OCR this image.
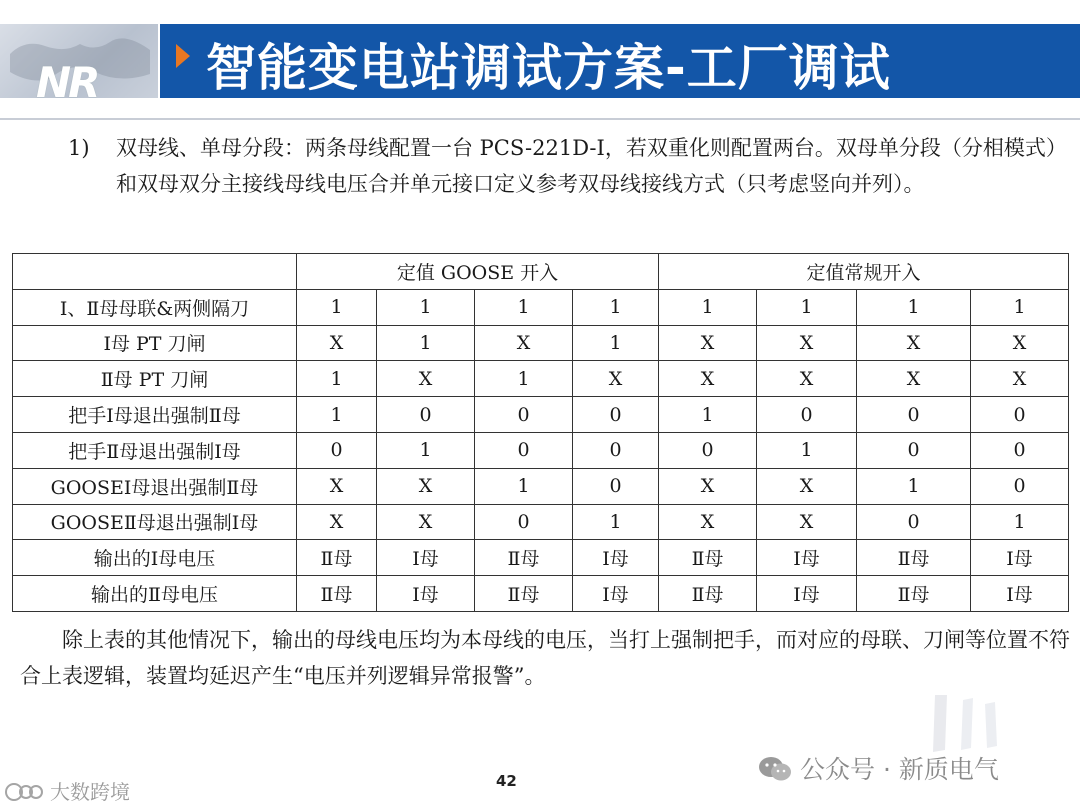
NR 智能变电站调试方案-工厂调试
1) 双母线、单母分段：两条母线配置一台 PCS-221D-I，若双重化则配置两台。双母单分段（分相模式）和双母双分主接线母线电压合并单元接口定义参考双母线接线方式（只考虑竖向并列）。
	定值 GOOSE 开入				定值常规开入			
Ⅰ、Ⅱ母母联&两侧隔刀	1	1	1	1	1	1	1	1
Ⅰ母 PT 刀闸	X	1	X	1	X	X	X	X
Ⅱ母 PT 刀闸	1	X	1	X	X	X	X	X
把手Ⅰ母退出强制Ⅱ母	1	0	0	0	1	0	0	0
把手Ⅱ母退出强制Ⅰ母	0	1	0	0	0	1	0	0
GOOSEⅠ母退出强制Ⅱ母	X	X	1	0	X	X	1	0
GOOSEⅡ母退出强制Ⅰ母	X	X	0	1	X	X	0	1
输出的Ⅰ母电压	Ⅱ母	Ⅰ母	Ⅱ母	Ⅰ母	Ⅱ母	Ⅰ母	Ⅱ母	Ⅰ母
输出的Ⅱ母电压	Ⅱ母	Ⅰ母	Ⅱ母	Ⅰ母	Ⅱ母	Ⅰ母	Ⅱ母	Ⅰ母
除上表的其他情况下，输出的母线电压均为本母线的电压，当打上强制把手，而对应的母联、刀闸等位置不符合上表逻辑，装置均延迟产生“电压并列逻辑异常报警”。
42	公众号 · 新质电气
大数跨境
